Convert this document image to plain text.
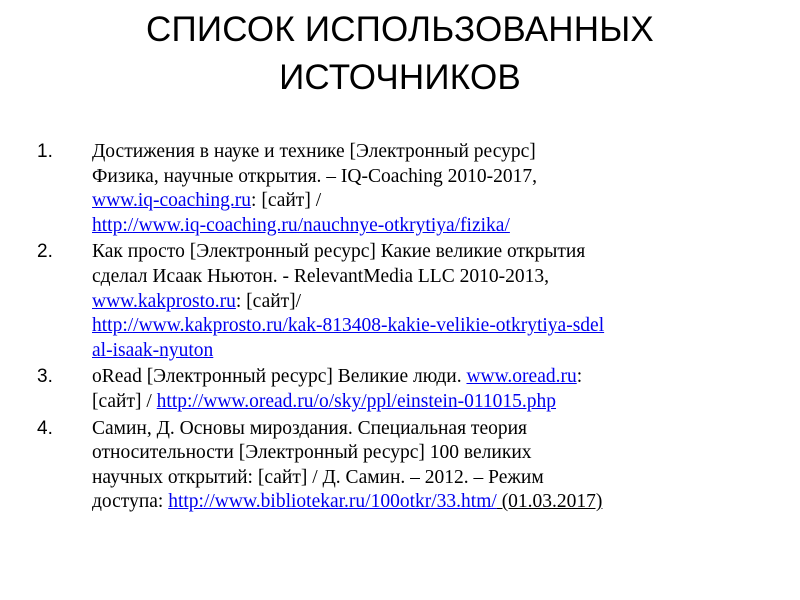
СПИСОК ИСПОЛЬЗОВАННЫХ
ИСТОЧНИКОВ
1. Достижения в науке и технике [Электронный ресурс]
Физика, научные открытия. – IQ-Coaching 2010-2017,
www.iq-coaching.ru: [сайт] /
http://www.iq-coaching.ru/nauchnye-otkrytiya/fizika/
2. Как просто [Электронный ресурс] Какие великие открытия
сделал Исаак Ньютон. - RelevantMedia LLC 2010-2013,
www.kakprosto.ru: [сайт]/
http://www.kakprosto.ru/kak-813408-kakie-velikie-otkrytiya-sdel
al-isaak-nyuton
3. oRead [Электронный ресурс] Великие люди. www.oread.ru:
[сайт] / http://www.oread.ru/o/sky/ppl/einstein-011015.php
4. Самин, Д. Основы мироздания. Специальная теория
относительности [Электронный ресурс] 100 великих
научных открытий: [сайт] / Д. Самин. – 2012. – Режим
доступа: http://www.bibliotekar.ru/100otkr/33.htm/ (01.03.2017)
